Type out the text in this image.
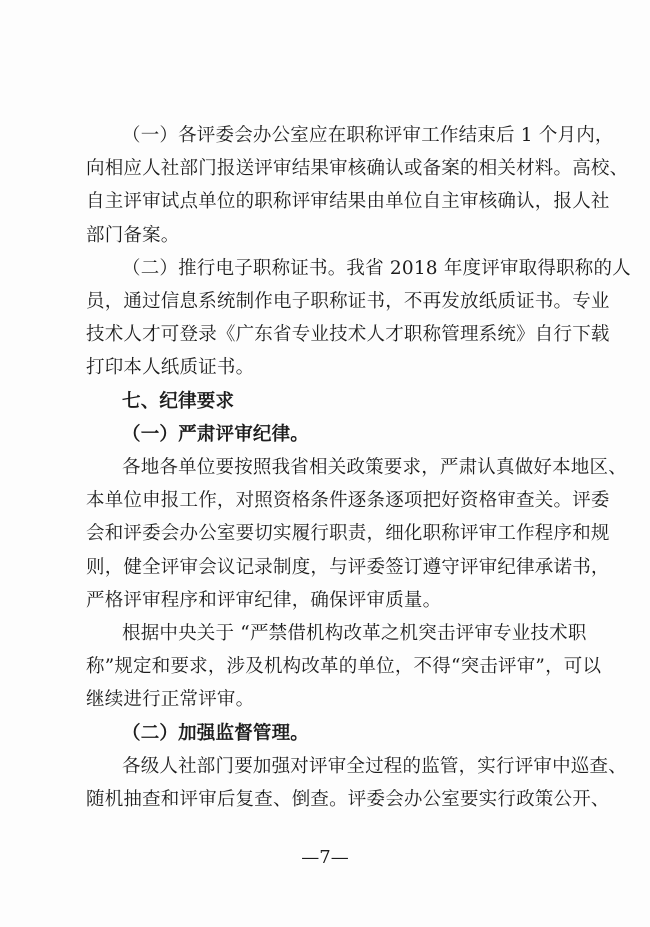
（一）各评委会办公室应在职称评审工作结束后 1 个月内，
向相应人社部门报送评审结果审核确认或备案的相关材料。高校、
自主评审试点单位的职称评审结果由单位自主审核确认，报人社
部门备案。
（二）推行电子职称证书。我省 2018 年度评审取得职称的人
员，通过信息系统制作电子职称证书，不再发放纸质证书。专业
技术人才可登录《广东省专业技术人才职称管理系统》自行下载
打印本人纸质证书。
七、纪律要求
（一）严肃评审纪律。
各地各单位要按照我省相关政策要求，严肃认真做好本地区、
本单位申报工作，对照资格条件逐条逐项把好资格审查关。评委
会和评委会办公室要切实履行职责，细化职称评审工作程序和规
则，健全评审会议记录制度，与评委签订遵守评审纪律承诺书，
严格评审程序和评审纪律，确保评审质量。
根据中央关于 “严禁借机构改革之机突击评审专业技术职
称”规定和要求，涉及机构改革的单位，不得“突击评审”，可以
继续进行正常评审。
（二）加强监督管理。
各级人社部门要加强对评审全过程的监管，实行评审中巡查、
随机抽查和评审后复查、倒查。评委会办公室要实行政策公开、
—7—
